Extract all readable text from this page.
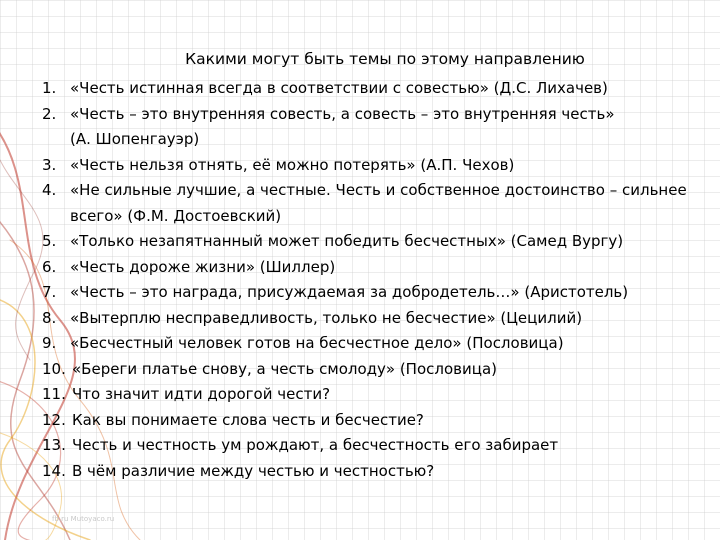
Какими могут быть темы по этому направлению
1. «Честь истинная всегда в соответствии с совестью» (Д.С. Лихачев)
2. «Честь – это внутренняя совесть, а совесть – это внутренняя честь»
(А. Шопенгауэр)
3. «Честь нельзя отнять, её можно потерять» (А.П. Чехов)
4. «Не сильные лучшие, а честные. Честь и собственное достоинство – сильнее
всего» (Ф.М. Достоевский)
5. «Только незапятнанный может победить бесчестных» (Самед Вургу)
6. «Честь дороже жизни» (Шиллер)
7. «Честь – это награда, присуждаемая за добродетель…» (Аристотель)
8. «Вытерплю несправедливость, только не бесчестие» (Цецилий)
9. «Бесчестный человек готов на бесчестное дело» (Пословица)
10. «Береги платье снову, а честь смолоду» (Пословица)
11. Что значит идти дорогой чести?
12. Как вы понимаете слова честь и бесчестие?
13. Честь и честность ум рождают, а бесчестность его забирает
14. В чём различие между честью и честностью?
fb.ru Mutoyaco.ru
